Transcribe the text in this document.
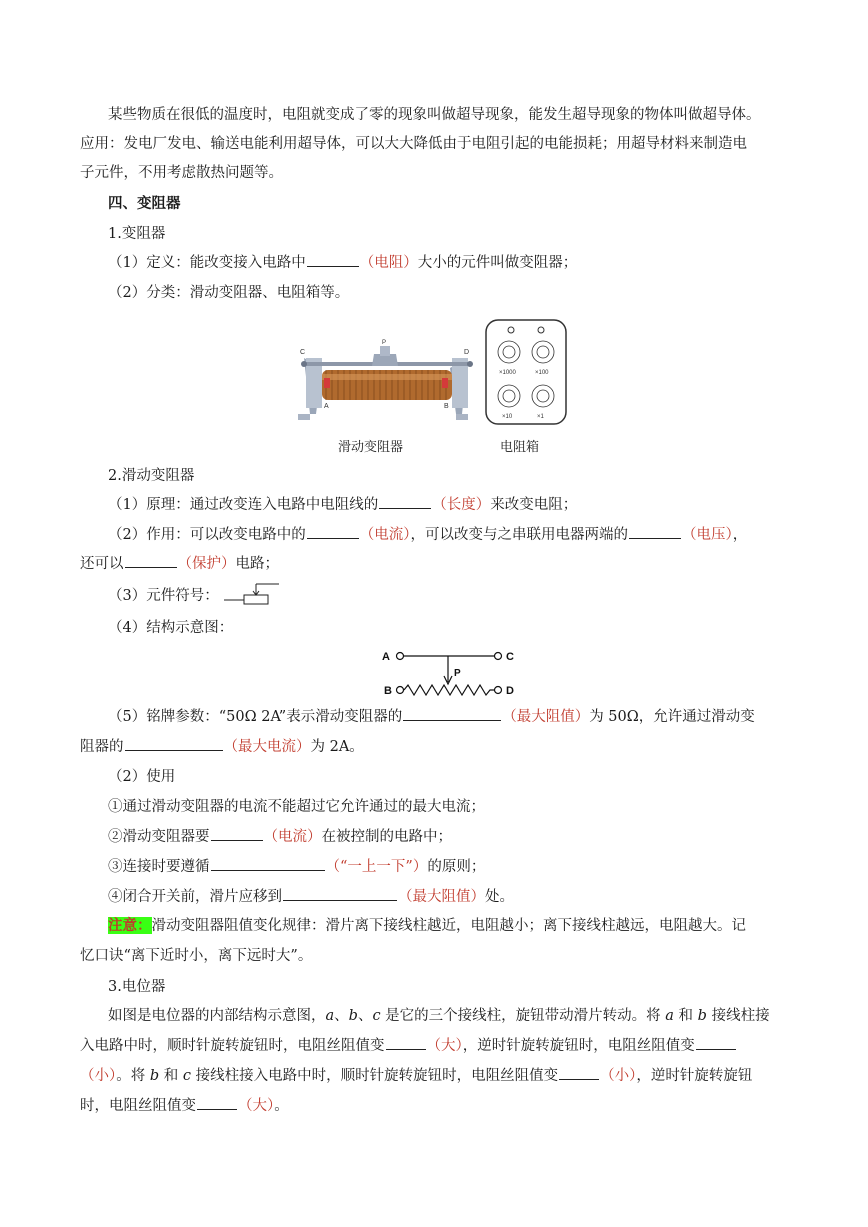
某些物质在很低的温度时，电阻就变成了零的现象叫做超导现象，能发生超导现象的物体叫做超导体。
应用：发电厂发电、输送电能利用超导体，可以大大降低由于电阻引起的电能损耗；用超导材料来制造电
子元件，不用考虑散热问题等。
四、变阻器
1.变阻器
（1）定义：能改变接入电路中	（电阻）大小的元件叫做变阻器；
（2）分类：滑动变阻器、电阻箱等。
C	D
A	B
P
×1000	×100
×10	×1
滑动变阻器	电阻箱
2.滑动变阻器
（1）原理：通过改变连入电路中电阻线的	（长度）来改变电阻；
（2）作用：可以改变电路中的	（电流），可以改变与之串联用电器两端的	（电压），
还可以	（保护）电路；
（3）元件符号：
（4）结构示意图：
A	C
P
B	D
（5）铭牌参数：“50Ω 2A”表示滑动变阻器的	（最大阻值）为 50Ω，允许通过滑动变
阻器的	（最大电流）为 2A。
（2）使用
①通过滑动变阻器的电流不能超过它允许通过的最大电流；
②滑动变阻器要	（电流）在被控制的电路中；
③连接时要遵循	（“一上一下”）的原则；
④闭合开关前，滑片应移到	（最大阻值）处。
注意：滑动变阻器阻值变化规律：滑片离下接线柱越近，电阻越小；离下接线柱越远，电阻越大。记
忆口诀“离下近时小，离下远时大”。
3.电位器
如图是电位器的内部结构示意图，a、b、c 是它的三个接线柱，旋钮带动滑片转动。将 a 和 b 接线柱接
入电路中时，顺时针旋转旋钮时，电阻丝阻值变	（大），逆时针旋转旋钮时，电阻丝阻值变
（小）。将 b 和 c 接线柱接入电路中时，顺时针旋转旋钮时，电阻丝阻值变	（小），逆时针旋转旋钮
时，电阻丝阻值变	（大）。
